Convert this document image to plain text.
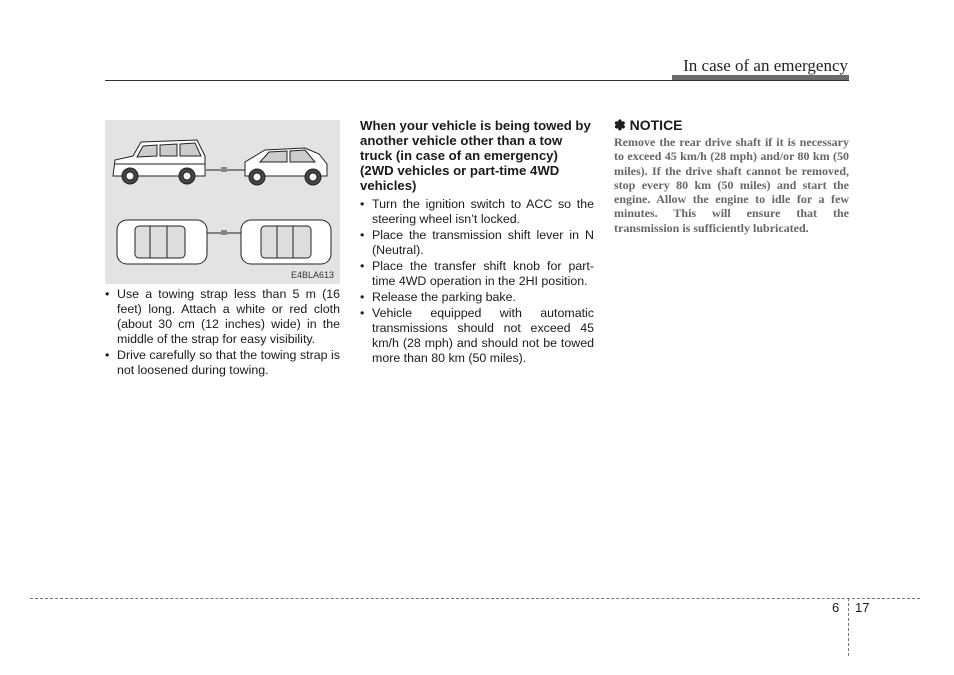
In case of an emergency
E4BLA613
• Use a towing strap less than 5 m (16 feet) long. Attach a white or red cloth (about 30 cm (12 inches) wide) in the middle of the strap for easy visibility.
• Drive carefully so that the towing strap is not loosened during towing.

When your vehicle is being towed by another vehicle other than a tow truck (in case of an emergency) (2WD vehicles or part-time 4WD vehicles)

• Turn the ignition switch to ACC so the steering wheel isn’t locked.
• Place the transmission shift lever in N (Neutral).
• Place the transfer shift knob for part-time 4WD operation in the 2HI position.
• Release the parking bake.
• Vehicle equipped with automatic transmissions should not exceed 45 km/h (28 mph) and should not be towed more than 80 km (50 miles).

✽ NOTICE

Remove the rear drive shaft if it is necessary to exceed 45 km/h (28 mph) and/or 80 km (50 miles). If the drive shaft cannot be removed, stop every 80 km (50 miles) and start the engine. Allow the engine to idle for a few minutes. This will ensure that the transmission is sufficiently lubricated.

6 17
